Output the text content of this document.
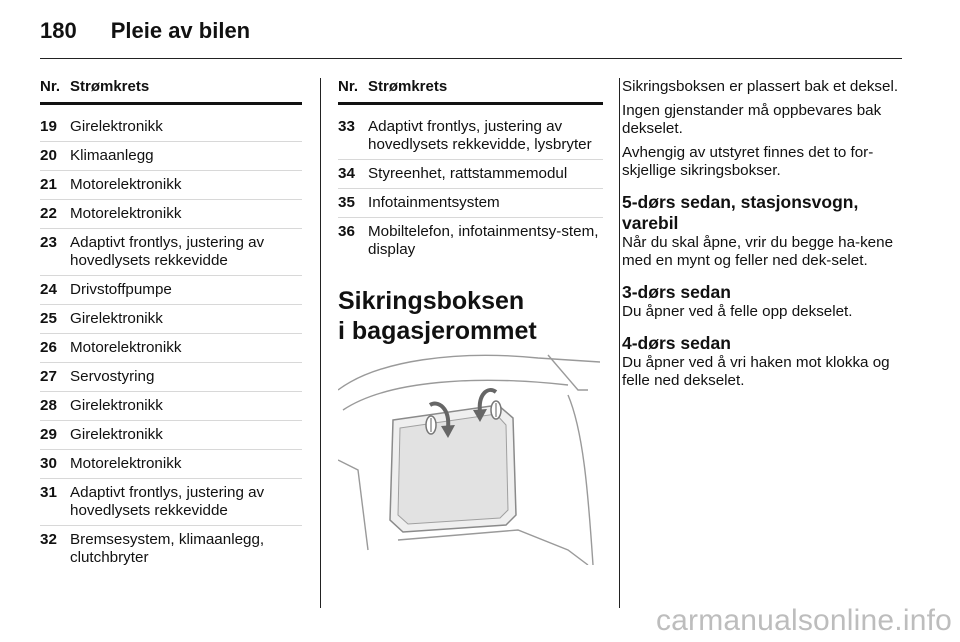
180 Pleie av bilen
Nr. Strømkrets
19 Girelektronikk
20 Klimaanlegg
21 Motorelektronikk
22 Motorelektronikk
23 Adaptivt frontlys, justering av hovedlysets rekkevidde
24 Drivstoffpumpe
25 Girelektronikk
26 Motorelektronikk
27 Servostyring
28 Girelektronikk
29 Girelektronikk
30 Motorelektronikk
31 Adaptivt frontlys, justering av hovedlysets rekkevidde
32 Bremsesystem, klimaanlegg, clutchbryter
Nr. Strømkrets
33 Adaptivt frontlys, justering av hovedlysets rekkevidde, lysbryter
34 Styreenhet, rattstammemodul
35 Infotainmentsystem
36 Mobiltelefon, infotainmentsy-stem, display
Sikringsboksen
i bagasjerommet

Sikringsboksen er plassert bak et deksel.

Ingen gjenstander må oppbevares bak dekselet.

Avhengig av utstyret finnes det to for-skjellige sikringsbokser.

5-dørs sedan, stasjonsvogn, varebil

Når du skal åpne, vrir du begge ha-kene med en mynt og feller ned dek-selet.

3-dørs sedan

Du åpner ved å felle opp dekselet.

4-dørs sedan

Du åpner ved å vri haken mot klokka og felle ned dekselet.

carmanualsonline.info
